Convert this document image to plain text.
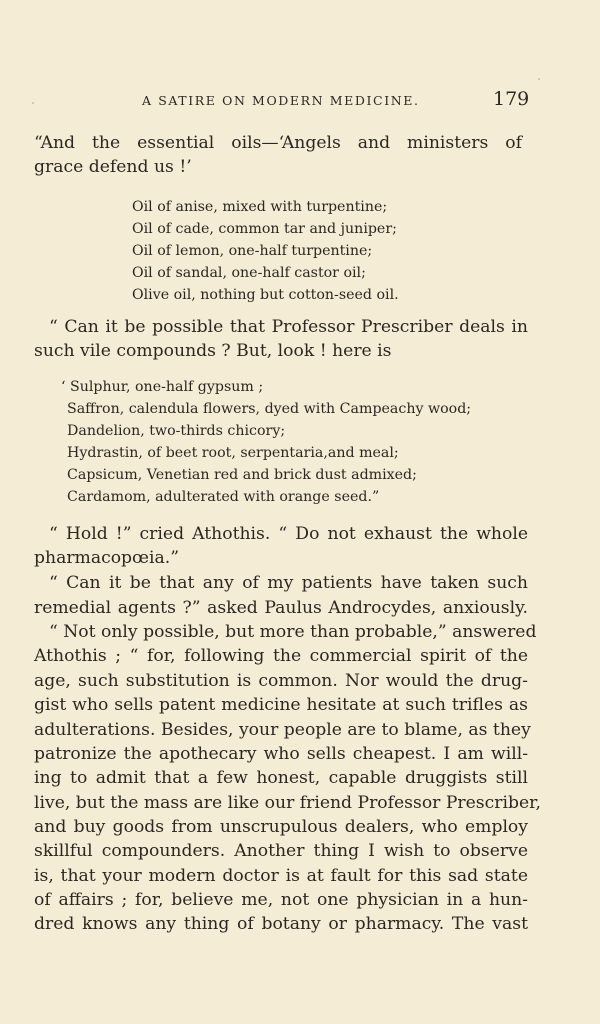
A SATIRE ON MODERN MEDICINE.	179
“And the essential oils—‘Angels and ministers of
grace defend us !’
Oil of anise, mixed with turpentine;
Oil of cade, common tar and juniper;
Oil of lemon, one-half turpentine;
Oil of sandal, one-half castor oil;
Olive oil, nothing but cotton-seed oil.
“ Can it be possible that Professor Prescriber deals in
such vile compounds ? But, look ! here is
‘ Sulphur, one-half gypsum ;
Saffron, calendula flowers, dyed with Campeachy wood;
Dandelion, two-thirds chicory;
Hydrastin, of beet root, serpentaria,and meal;
Capsicum, Venetian red and brick dust admixed;
Cardamom, adulterated with orange seed.”
“ Hold !” cried Athothis. “ Do not exhaust the whole
pharmacopœia.”
“ Can it be that any of my patients have taken such
remedial agents ?” asked Paulus Androcydes, anxiously.
“ Not only possible, but more than probable,” answered
Athothis ; “ for, following the commercial spirit of the
age, such substitution is common. Nor would the drug-
gist who sells patent medicine hesitate at such trifles as
adulterations. Besides, your people are to blame, as they
patronize the apothecary who sells cheapest. I am will-
ing to admit that a few honest, capable druggists still
live, but the mass are like our friend Professor Prescriber,
and buy goods from unscrupulous dealers, who employ
skillful compounders. Another thing I wish to observe
is, that your modern doctor is at fault for this sad state
of affairs ; for, believe me, not one physician in a hun-
dred knows any thing of botany or pharmacy. The vast
